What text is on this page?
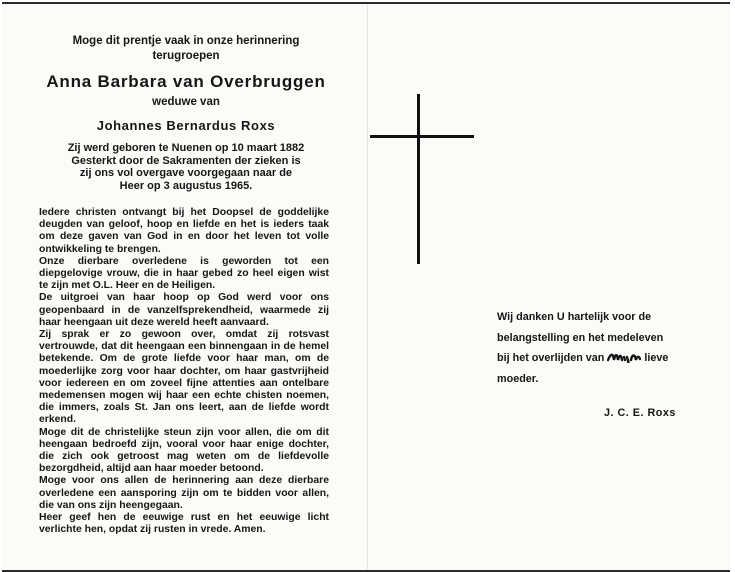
Moge dit prentje vaak in onze herinnering
terugroepen
Anna Barbara van Overbruggen
weduwe van
Johannes Bernardus Roxs
Zij werd geboren te Nuenen op 10 maart 1882
Gesterkt door de Sakramenten der zieken is
zij ons vol overgave voorgegaan naar de
Heer op 3 augustus 1965.

Iedere christen ontvangt bij het Doopsel de goddelijke deugden van geloof, hoop en liefde en het is ieders taak om deze gaven van God in en door het leven tot volle ontwikkeling te brengen.

Onze dierbare overledene is geworden tot een diepgelovige vrouw, die in haar gebed zo heel eigen wist te zijn met O.L. Heer en de Heiligen.

De uitgroei van haar hoop op God werd voor ons geopenbaard in de vanzelfsprekendheid, waarmede zij haar heengaan uit deze wereld heeft aanvaard.

Zij sprak er zo gewoon over, omdat zij rotsvast vertrouwde, dat dit heengaan een binnengaan in de hemel betekende. Om de grote liefde voor haar man, om de moederlijke zorg voor haar dochter, om haar gastvrijheid voor iedereen en om zoveel fijne attenties aan ontelbare medemensen mogen wij haar een echte chisten noemen, die immers, zoals St. Jan ons leert, aan de liefde wordt erkend.

Moge dit de christelijke steun zijn voor allen, die om dit heengaan bedroefd zijn, vooral voor haar enige dochter, die zich ook getroost mag weten om de liefdevolle bezorgdheid, altijd aan haar moeder betoond.

Moge voor ons allen de herinnering aan deze dierbare overledene een aansporing zijn om te bidden voor allen, die van ons zijn heengegaan.

Heer geef hen de eeuwige rust en het eeuwige licht verlichte hen, opdat zij rusten in vrede. Amen.

Wij danken U hartelijk voor de
belangstelling en het medeleven
bij het overlijden van	lieve
moeder.
J. C. E. Roxs
